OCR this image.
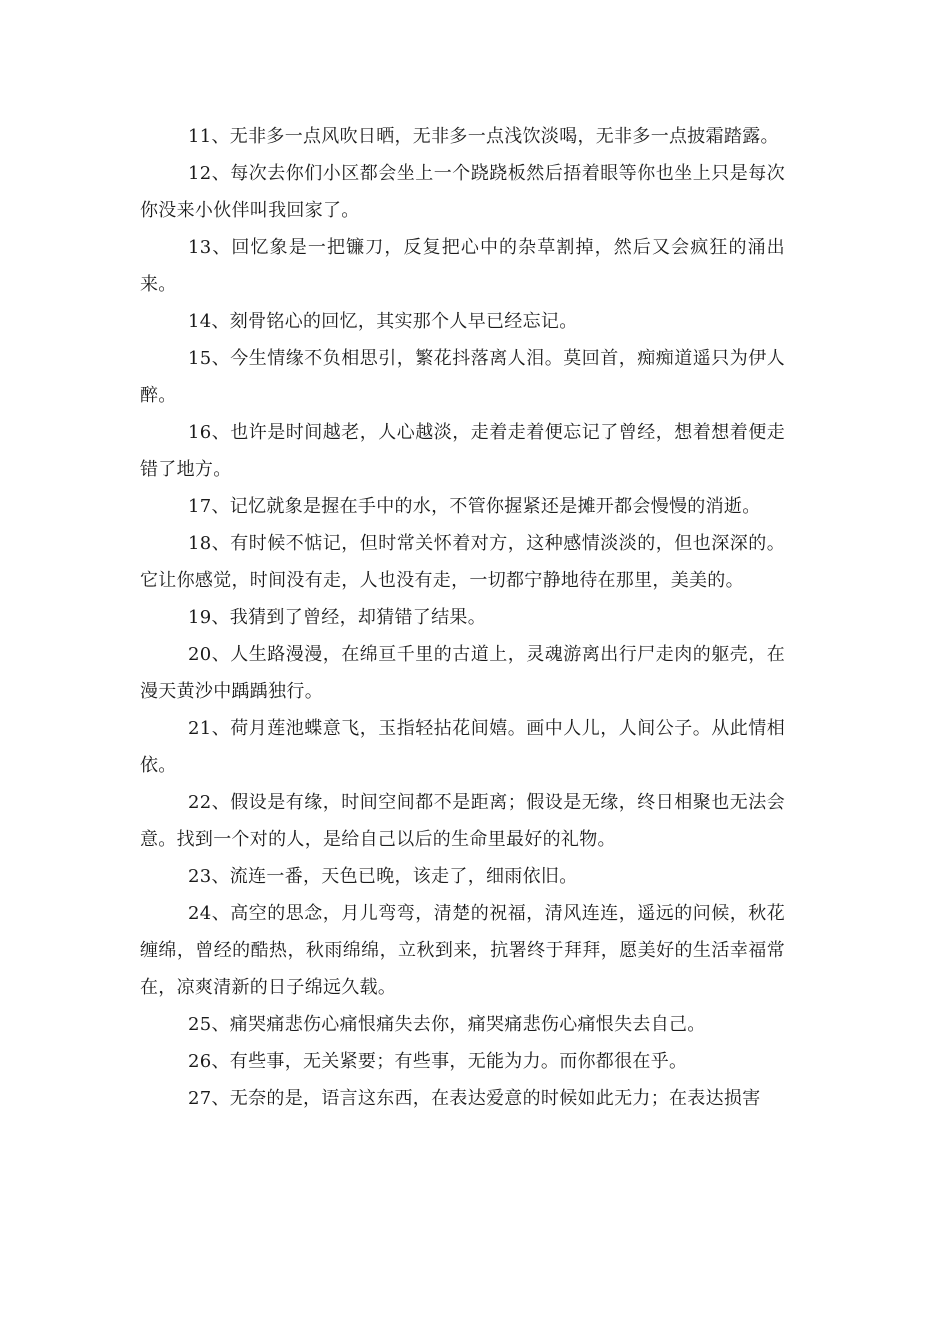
11、无非多一点风吹日晒，无非多一点浅饮淡喝，无非多一点披霜踏露。

12、每次去你们小区都会坐上一个跷跷板然后捂着眼等你也坐上只是每次你没来小伙伴叫我回家了。

13、回忆象是一把镰刀，反复把心中的杂草割掉，然后又会疯狂的涌出来。

14、刻骨铭心的回忆，其实那个人早已经忘记。

15、今生情缘不负相思引，繁花抖落离人泪。莫回首，痴痴道遥只为伊人醉。

16、也许是时间越老，人心越淡，走着走着便忘记了曾经，想着想着便走错了地方。

17、记忆就象是握在手中的水，不管你握紧还是摊开都会慢慢的消逝。

18、有时候不惦记，但时常关怀着对方，这种感情淡淡的，但也深深的。它让你感觉，时间没有走，人也没有走，一切都宁静地待在那里，美美的。

19、我猜到了曾经，却猜错了结果。

20、人生路漫漫，在绵亘千里的古道上，灵魂游离出行尸走肉的躯壳，在漫天黄沙中踽踽独行。

21、荷月莲池蝶意飞，玉指轻拈花间嬉。画中人儿，人间公子。从此情相依。

22、假设是有缘，时间空间都不是距离；假设是无缘，终日相聚也无法会意。找到一个对的人，是给自己以后的生命里最好的礼物。

23、流连一番，天色已晚，该走了，细雨依旧。

24、高空的思念，月儿弯弯，清楚的祝福，清风连连，遥远的问候，秋花缠绵，曾经的酷热，秋雨绵绵，立秋到来，抗署终于拜拜，愿美好的生活幸福常在，凉爽清新的日子绵远久载。

25、痛哭痛悲伤心痛恨痛失去你，痛哭痛悲伤心痛恨失去自己。

26、有些事，无关紧要；有些事，无能为力。而你都很在乎。

27、无奈的是，语言这东西，在表达爱意的时候如此无力；在表达损害
